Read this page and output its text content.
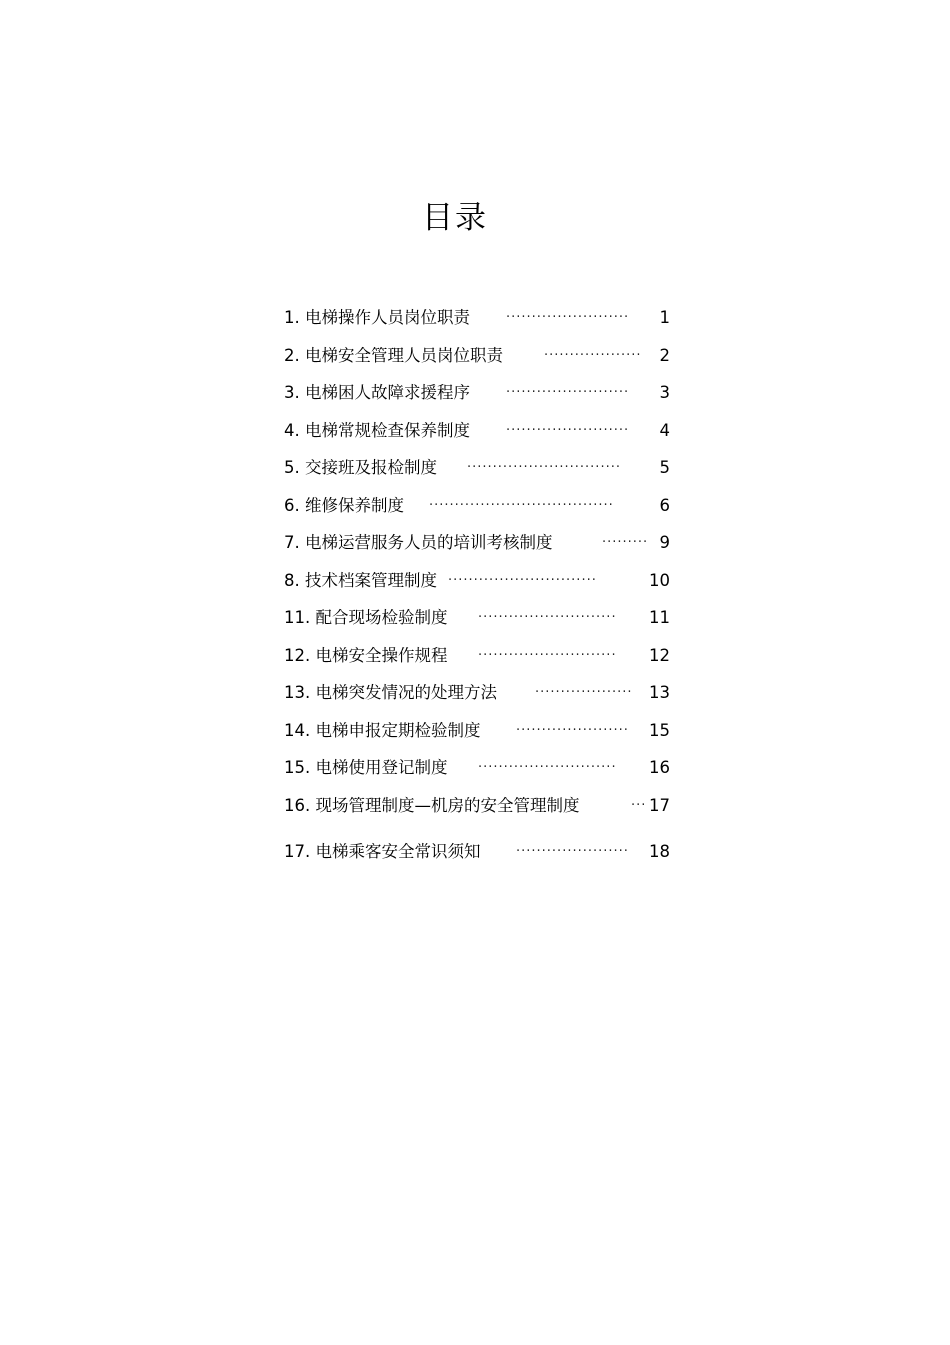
目录
1. 电梯操作人员岗位职责	························ 1
2. 电梯安全管理人员岗位职责	··················· 2
3. 电梯困人故障求援程序	························ 3
4. 电梯常规检查保养制度	························ 4
5. 交接班及报检制度 ······························ 5
6. 维修保养制度 ····································	6
7. 电梯运营服务人员的培训考核制度	········· 9
8. 技术档案管理制度 ·····························	10
11. 配合现场检验制度 ··························· 11
12. 电梯安全操作规程 ··························· 12
13. 电梯突发情况的处理方法	··················· 13
14. 电梯申报定期检验制度	······················ 15
15. 电梯使用登记制度 ··························· 16
16. 现场管理制度—机房的安全管理制度	··· 17
17. 电梯乘客安全常识须知	······················ 18
